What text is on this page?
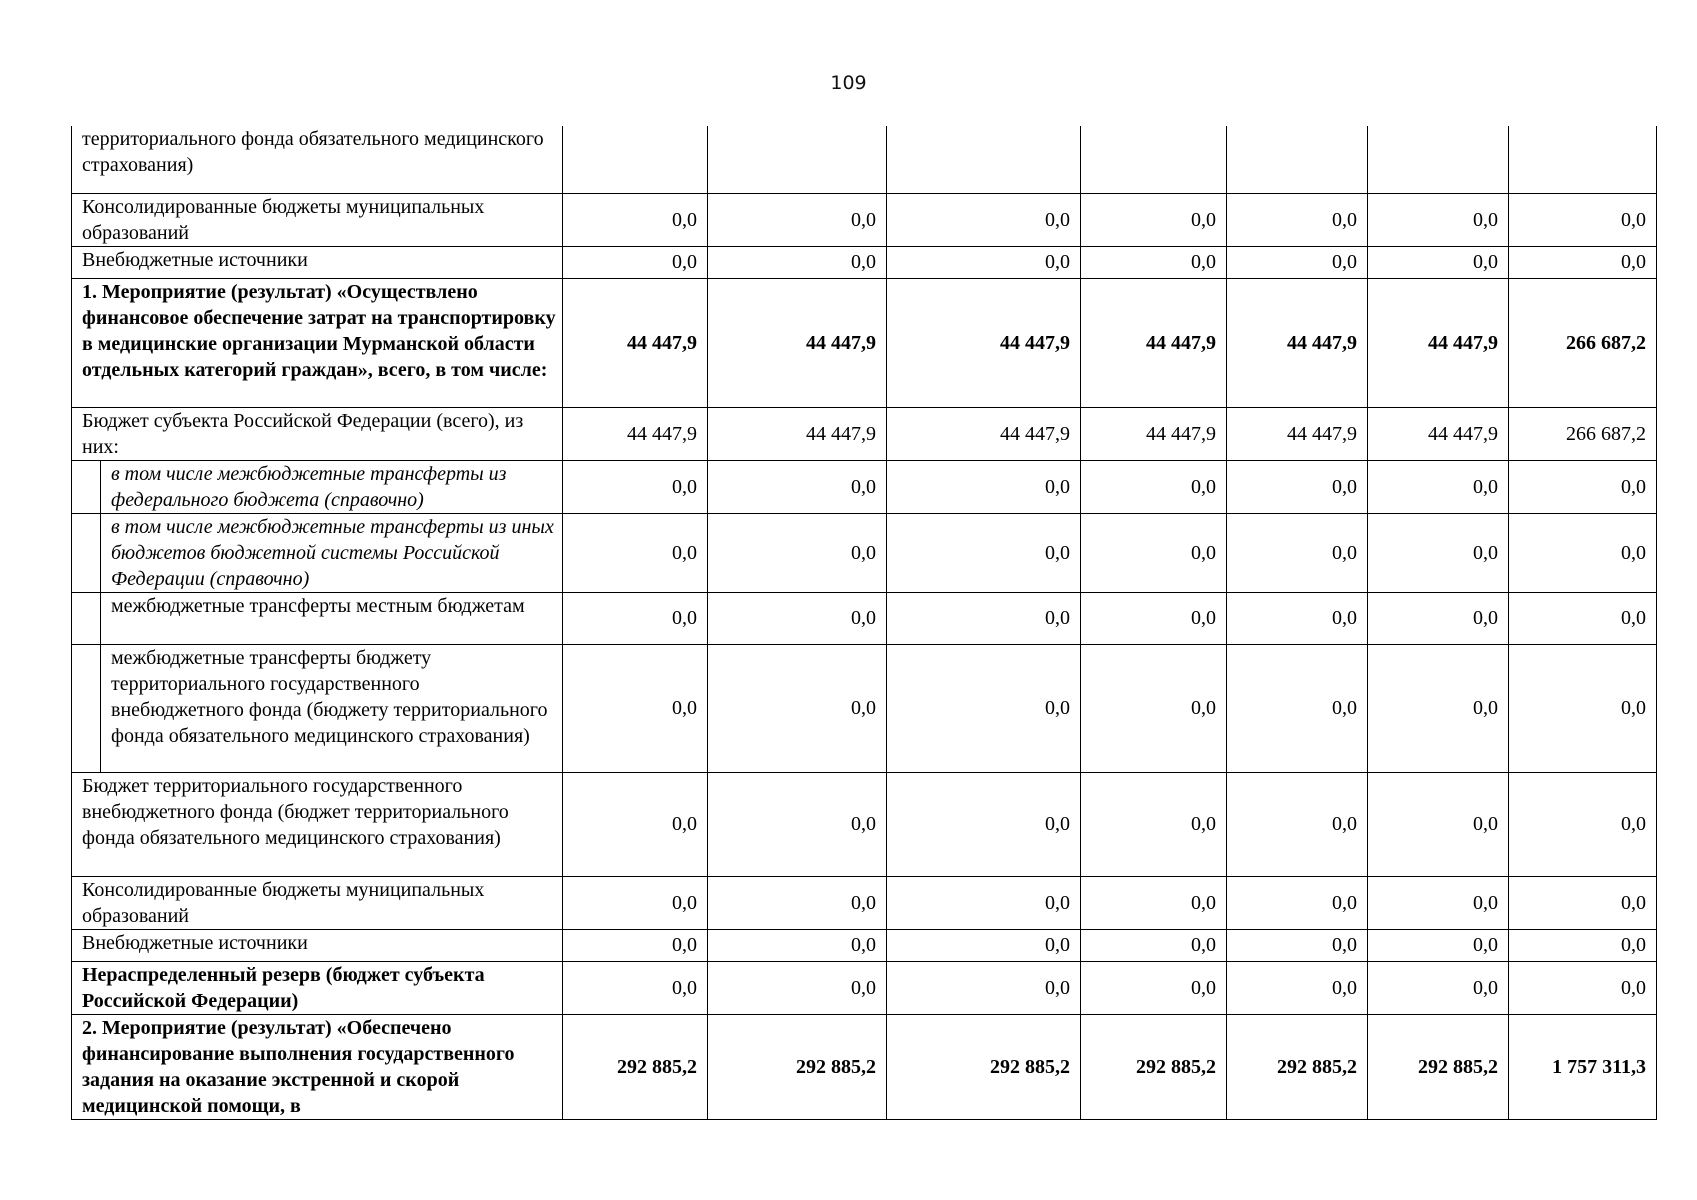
109
территориального фонда обязательного медицинского страхования)								
Консолидированные бюджеты муниципальных образований		0,0	0,0	0,0	0,0	0,0	0,0	0,0
Внебюджетные источники		0,0	0,0	0,0	0,0	0,0	0,0	0,0
1. Мероприятие (результат) «Осуществлено финансовое обеспечение затрат на транспортировку в медицинские организации Мурманской области отдельных категорий граждан», всего, в том числе:		44 447,9	44 447,9	44 447,9	44 447,9	44 447,9	44 447,9	266 687,2
Бюджет субъекта Российской Федерации (всего), из них:		44 447,9	44 447,9	44 447,9	44 447,9	44 447,9	44 447,9	266 687,2
	в том числе межбюджетные трансферты из федерального бюджета (справочно)	0,0	0,0	0,0	0,0	0,0	0,0	0,0
	в том числе межбюджетные трансферты из иных бюджетов бюджетной системы Российской Федерации (справочно)	0,0	0,0	0,0	0,0	0,0	0,0	0,0
	межбюджетные трансферты местным бюджетам	0,0	0,0	0,0	0,0	0,0	0,0	0,0
	межбюджетные трансферты бюджету территориального государственного внебюджетного фонда (бюджету территориального фонда обязательного медицинского страхования)	0,0	0,0	0,0	0,0	0,0	0,0	0,0
Бюджет территориального государственного внебюджетного фонда (бюджет территориального фонда обязательного медицинского страхования)		0,0	0,0	0,0	0,0	0,0	0,0	0,0
Консолидированные бюджеты муниципальных образований		0,0	0,0	0,0	0,0	0,0	0,0	0,0
Внебюджетные источники		0,0	0,0	0,0	0,0	0,0	0,0	0,0
Нераспределенный резерв (бюджет субъекта Российской Федерации)		0,0	0,0	0,0	0,0	0,0	0,0	0,0
2. Мероприятие (результат) «Обеспечено финансирование выполнения государственного задания на оказание экстренной и скорой медицинской помощи, в		292 885,2	292 885,2	292 885,2	292 885,2	292 885,2	292 885,2	1 757 311,3
